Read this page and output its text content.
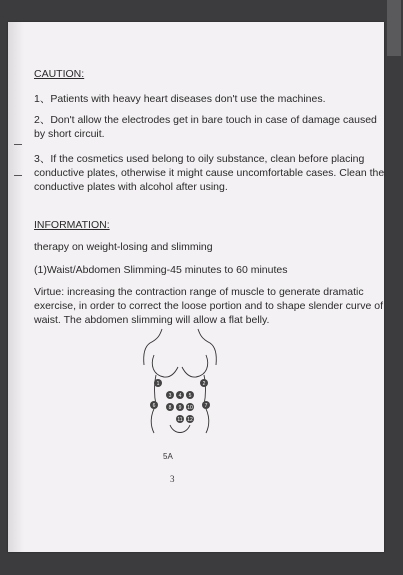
CAUTION:
1、Patients with heavy heart diseases don't use the machines.
2、Don't allow the electrodes get in bare touch in case of damage caused by short circuit.
3、If the cosmetics used belong to oily substance, clean before placing conductive plates, otherwise it might cause uncomfortable cases. Clean the conductive plates with alcohol after using.
INFORMATION:
therapy on weight-losing and slimming
(1)Waist/Abdomen Slimming-45 minutes to 60 minutes
Virtue: increasing the contraction range of muscle to generate dramatic exercise, in order to correct the loose portion and to shape slender curve of waist. The abdomen slimming will allow a flat belly.
1	2
3 4 5
6	7
8 9 10
11 12
5A
3
